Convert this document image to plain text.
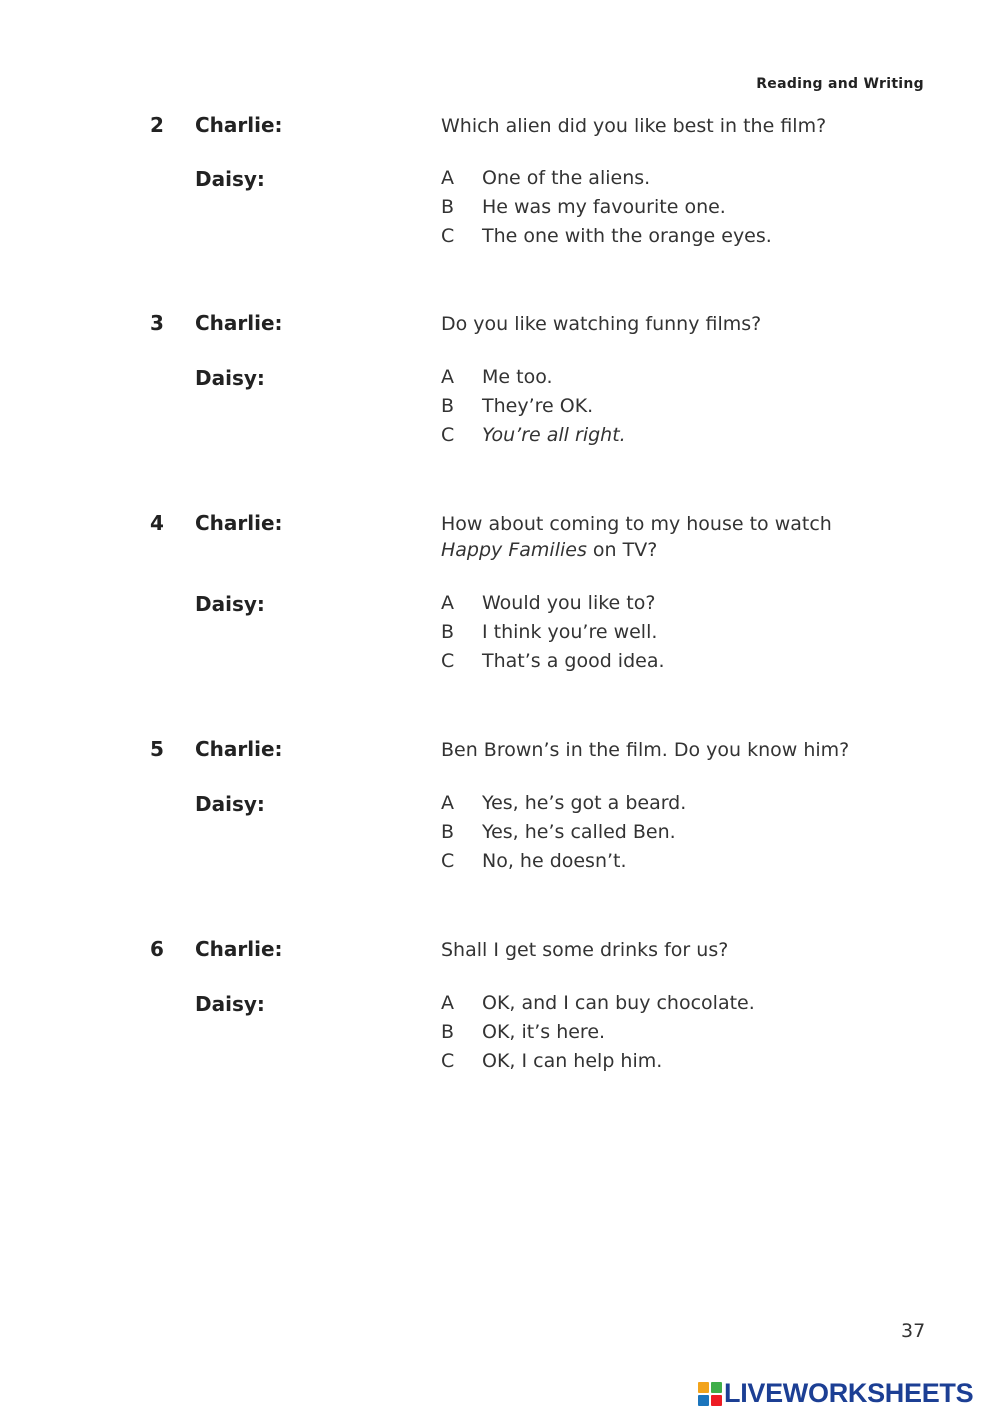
Reading and Writing
2 Charlie:	Which alien did you like best in the film?
Daisy:	A	One of the aliens.
B	He was my favourite one.
C	The one with the orange eyes.
3 Charlie:	Do you like watching funny films?
Daisy:	A	Me too.
B	They’re OK.
C	You’re all right.
4 Charlie:	How about coming to my house to watch
Happy Families on TV?
Daisy:	A	Would you like to?
B	I think you’re well.
C	That’s a good idea.
5 Charlie:	Ben Brown’s in the film. Do you know him?
Daisy:	A	Yes, he’s got a beard.
B	Yes, he’s called Ben.
C	No, he doesn’t.
6 Charlie:	Shall I get some drinks for us?
Daisy:	A	OK, and I can buy chocolate.
B	OK, it’s here.
C	OK, I can help him.
37
LIVEWORKSHEETS
